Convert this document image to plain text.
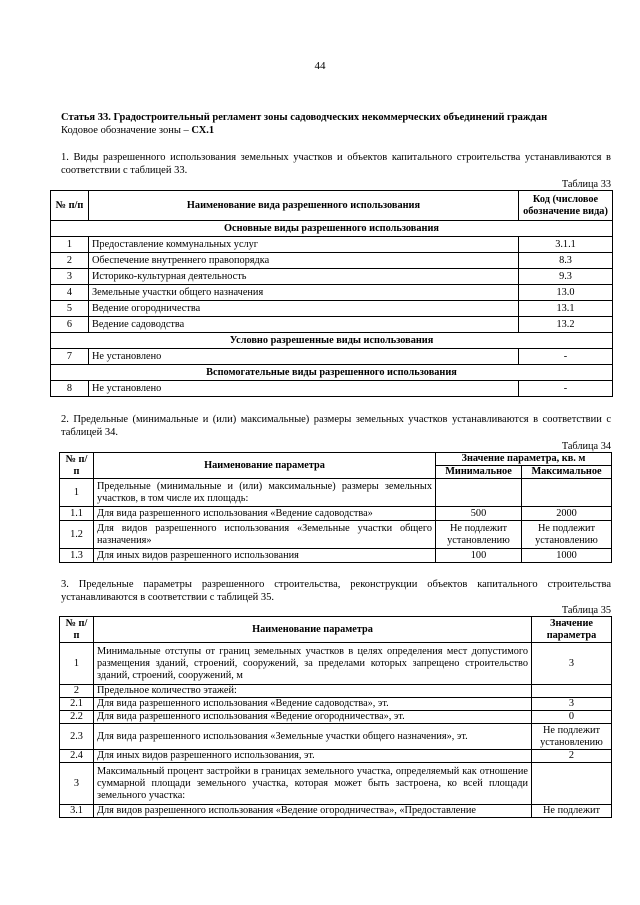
44
Статья 33. Градостроительный регламент зоны садоводческих некоммерческих объединений граждан
Кодовое обозначение зоны – СХ.1
1. Виды разрешенного использования земельных участков и объектов капитального строительства устанавливаются в соответствии с таблицей 33.
Таблица 33
№ п/п	Наименование вида разрешенного использования	Код (числовое обозначение вида)
Основные виды разрешенного использования		
1	Предоставление коммунальных услуг	3.1.1
2	Обеспечение внутреннего правопорядка	8.3
3	Историко-культурная деятельность	9.3
4	Земельные участки общего назначения	13.0
5	Ведение огородничества	13.1
6	Ведение садоводства	13.2
Условно разрешенные виды использования		
7	Не установлено	-
Вспомогательные виды разрешенного использования		
8	Не установлено	-
2. Предельные (минимальные и (или) максимальные) размеры земельных участков устанавливаются в соответствии с таблицей 34.
Таблица 34
№ п/п	Наименование параметра	Значение параметра, кв. м	
		Минимальное	Максимальное
1	Предельные (минимальные и (или) максимальные) размеры земельных участков, в том числе их площадь:		
1.1	Для вида разрешенного использования «Ведение садоводства»	500	2000
1.2	Для видов разрешенного использования «Земельные участки общего назначения»	Не подлежит установлению	Не подлежит установлению
1.3	Для иных видов разрешенного использования	100	1000
3. Предельные параметры разрешенного строительства, реконструкции объектов капитального строительства устанавливаются в соответствии с таблицей 35.
Таблица 35
№ п/п	Наименование параметра	Значение параметра
1	Минимальные отступы от границ земельных участков в целях определения мест допустимого размещения зданий, строений, сооружений, за пределами которых запрещено строительство зданий, строений, сооружений, м	3
2	Предельное количество этажей:	
2.1	Для вида разрешенного использования «Ведение садоводства», эт.	3
2.2	Для вида разрешенного использования «Ведение огородничества», эт.	0
2.3	Для вида разрешенного использования «Земельные участки общего назначения», эт.	Не подлежит установлению
2.4	Для иных видов разрешенного использования, эт.	2
3	Максимальный процент застройки в границах земельного участка, определяемый как отношение суммарной площади земельного участка, которая может быть застроена, ко всей площади земельного участка:	
3.1	Для видов разрешенного использования «Ведение огородничества», «Предоставление	Не подлежит
